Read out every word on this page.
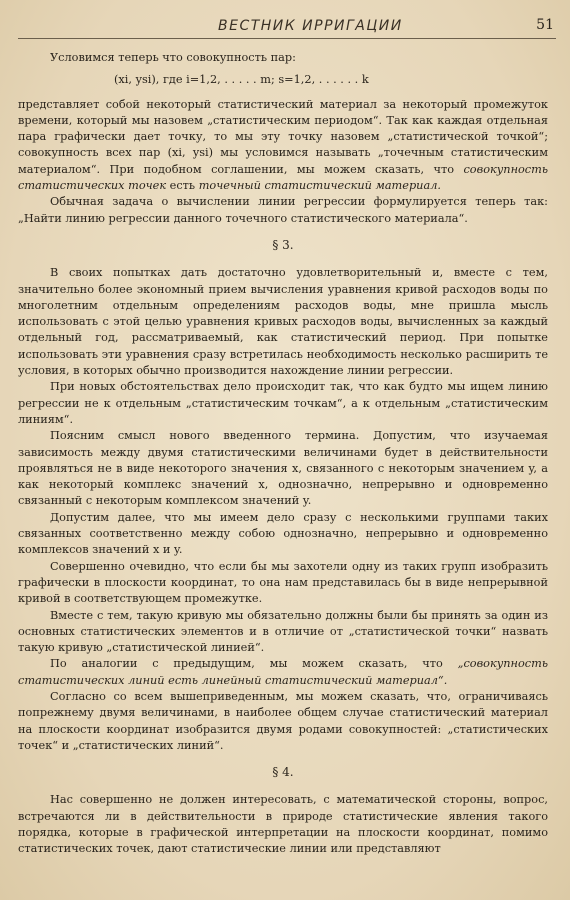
ВЕСТНИК ИРРИГАЦИИ	51

Условимся теперь что совокупность пар:

(xi, ysi), где i=1,2, . . . . . m; s=1,2, . . . . . . k

представляет собой некоторый статистический материал за некоторый промежуток времени, который мы назовем „статистическим периодом“. Так как каждая отдельная пара графически дает точку, то мы эту точку назовем „статистической точкой“; совокупность всех пар (xi, ysi) мы условимся называть „точечным статистическим материалом“. При подобном соглашении, мы можем сказать, что совокупность статистических точек есть точечный статистический материал.

Обычная задача о вычислении линии регрессии формулируется теперь так: „Найти линию регрессии данного точечного статистического материала“.

§ 3.

В своих попытках дать достаточно удовлетворительный и, вместе с тем, значительно более экономный прием вычисления уравнения кривой расходов воды по многолетним отдельным определениям расходов воды, мне пришла мысль использовать с этой целью уравнения кривых расходов воды, вычисленных за каждый отдельный год, рассматриваемый, как статистический период. При попытке использовать эти уравнения сразу встретилась необходимость несколько расширить те условия, в которых обычно производится нахождение линии регрессии.

При новых обстоятельствах дело происходит так, что как будто мы ищем линию регрессии не к отдельным „статистическим точкам“, а к отдельным „статистическим линиям“.

Поясним смысл нового введенного термина. Допустим, что изучаемая зависимость между двумя статистическими величинами будет в действительности проявляться не в виде некоторого значения x, связанного с некоторым значением y, а как некоторый комплекс значений x, однозначно, непрерывно и одновременно связанный с некоторым комплексом значений y.

Допустим далее, что мы имеем дело сразу с несколькими группами таких связанных соответственно между собою однозначно, непрерывно и одновременно комплексов значений x и y.

Совершенно очевидно, что если бы мы захотели одну из таких групп изобразить графически в плоскости координат, то она нам представилась бы в виде непрерывной кривой в соответствующем промежутке.

Вместе с тем, такую кривую мы обязательно должны были бы принять за один из основных статистических элементов и в отличие от „статистической точки“ назвать такую кривую „статистической линией“.

По аналогии с предыдущим, мы можем сказать, что „совокупность статистических линий есть линейный статистический материал“.

Согласно со всем вышеприведенным, мы можем сказать, что, ограничиваясь попрежнему двумя величинами, в наиболее общем случае статистический материал на плоскости координат изобразится двумя родами совокупностей: „статистических точек“ и „статистических линий“.

§ 4.

Нас совершенно не должен интересовать, с математической стороны, вопрос, встречаются ли в действительности в природе статистические явления такого порядка, которые в графической интерпретации на плоскости координат, помимо статистических точек, дают статистические линии или представляют
